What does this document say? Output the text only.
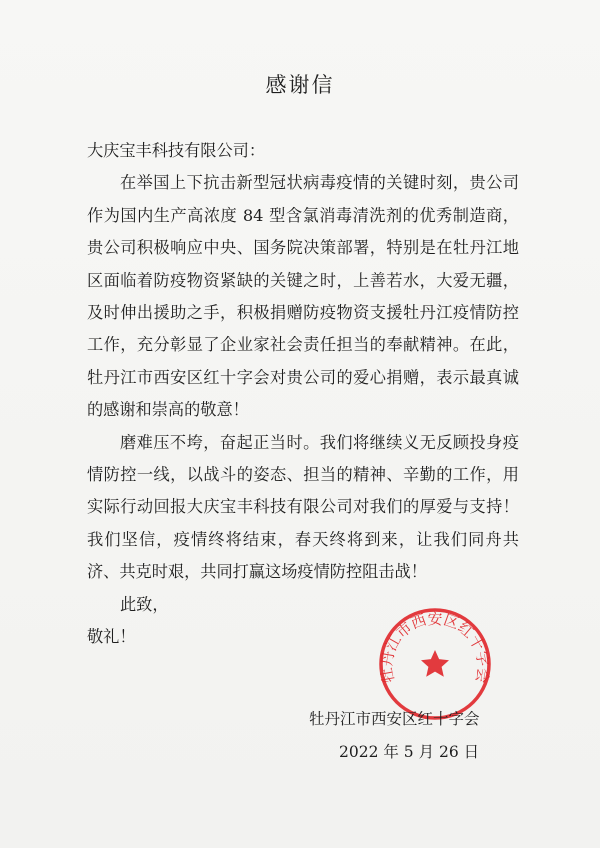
感谢信

大庆宝丰科技有限公司：

在举国上下抗击新型冠状病毒疫情的关键时刻，贵公司作为国内生产高浓度 84 型含氯消毒清洗剂的优秀制造商，贵公司积极响应中央、国务院决策部署，特别是在牡丹江地区面临着防疫物资紧缺的关键之时，上善若水，大爱无疆，及时伸出援助之手，积极捐赠防疫物资支援牡丹江疫情防控工作，充分彰显了企业家社会责任担当的奉献精神。在此，牡丹江市西安区红十字会对贵公司的爱心捐赠，表示最真诚的感谢和崇高的敬意！

磨难压不垮，奋起正当时。我们将继续义无反顾投身疫情防控一线，以战斗的姿态、担当的精神、辛勤的工作，用实际行动回报大庆宝丰科技有限公司对我们的厚爱与支持！我们坚信，疫情终将结束，春天终将到来，让我们同舟共济、共克时艰，共同打赢这场疫情防控阻击战！

此致，

敬礼！

牡丹江市西安区红十字会
牡丹江市西安区红十字会
2022 年 5 月 26 日
